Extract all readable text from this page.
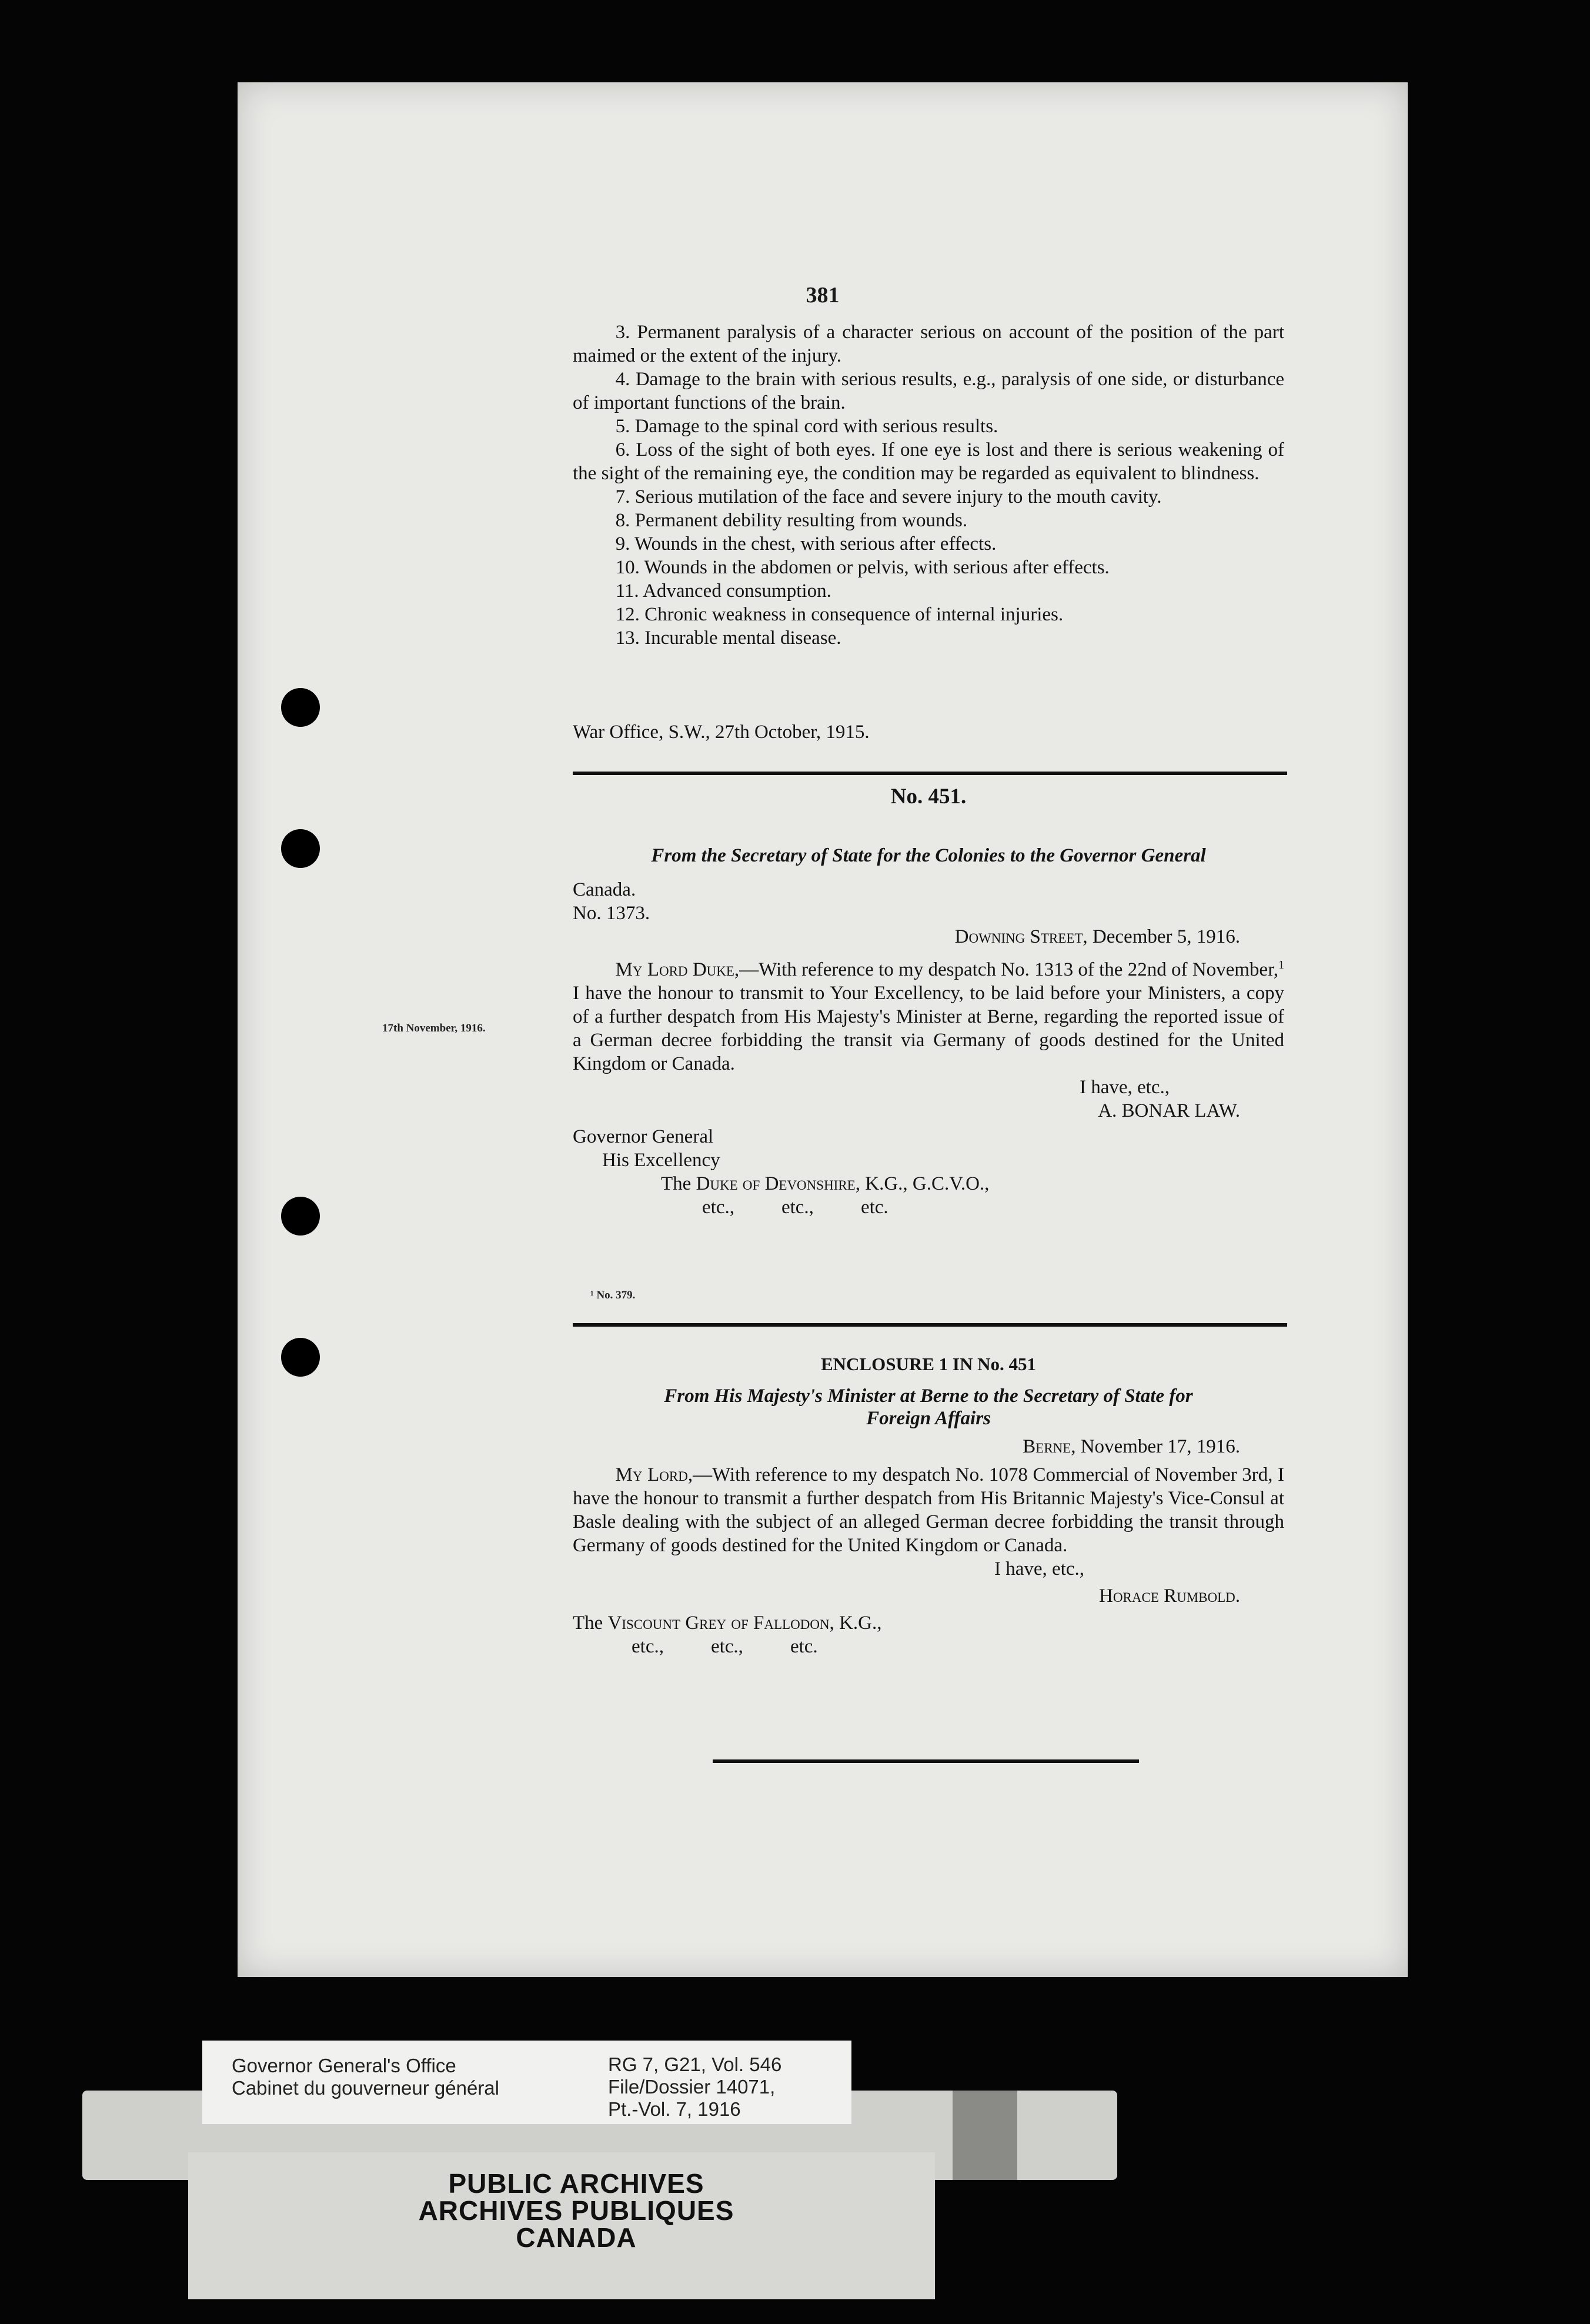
381

3. Permanent paralysis of a character serious on account of the position of the part maimed or the extent of the injury.

4. Damage to the brain with serious results, e.g., paralysis of one side, or disturbance of important functions of the brain.

5. Damage to the spinal cord with serious results.

6. Loss of the sight of both eyes. If one eye is lost and there is serious weakening of the sight of the remaining eye, the condition may be regarded as equivalent to blindness.

7. Serious mutilation of the face and severe injury to the mouth cavity.

8. Permanent debility resulting from wounds.

9. Wounds in the chest, with serious after effects.

10. Wounds in the abdomen or pelvis, with serious after effects.

11. Advanced consumption.

12. Chronic weakness in consequence of internal injuries.

13. Incurable mental disease.

War Office, S.W., 27th October, 1915.

No. 451.

From the Secretary of State for the Colonies to the Governor General

Canada.

No. 1373.

Downing Street, December 5, 1916.

My Lord Duke,—With reference to my despatch No. 1313 of the 22nd of November,$^1$ I have the honour to transmit to Your Excellency, to be laid before your Ministers, a copy of a further despatch from His Majesty's Minister at Berne, regarding the reported issue of a German decree forbidding the transit via Germany of goods destined for the United Kingdom or Canada.

I have, etc.,

A. BONAR LAW.

Governor General

His Excellency

The Duke of Devonshire, K.G., G.C.V.O.,

etc., etc., etc.

17th November, 1916.
¹ No. 379.

ENCLOSURE 1 IN No. 451

From His Majesty's Minister at Berne to the Secretary of State for

Foreign Affairs

Berne, November 17, 1916.

My Lord,—With reference to my despatch No. 1078 Commercial of November 3rd, I have the honour to transmit a further despatch from His Britannic Majesty's Vice-Consul at Basle dealing with the subject of an alleged German decree forbidding the transit through Germany of goods destined for the United Kingdom or Canada.

I have, etc.,

Horace Rumbold.

The Viscount Grey of Fallodon, K.G.,

etc., etc., etc.

Governor General's Office
Cabinet du gouverneur général
RG 7, G21, Vol. 546
File/Dossier 14071,
Pt.-Vol. 7, 1916
PUBLIC ARCHIVES
ARCHIVES PUBLIQUES
CANADA
